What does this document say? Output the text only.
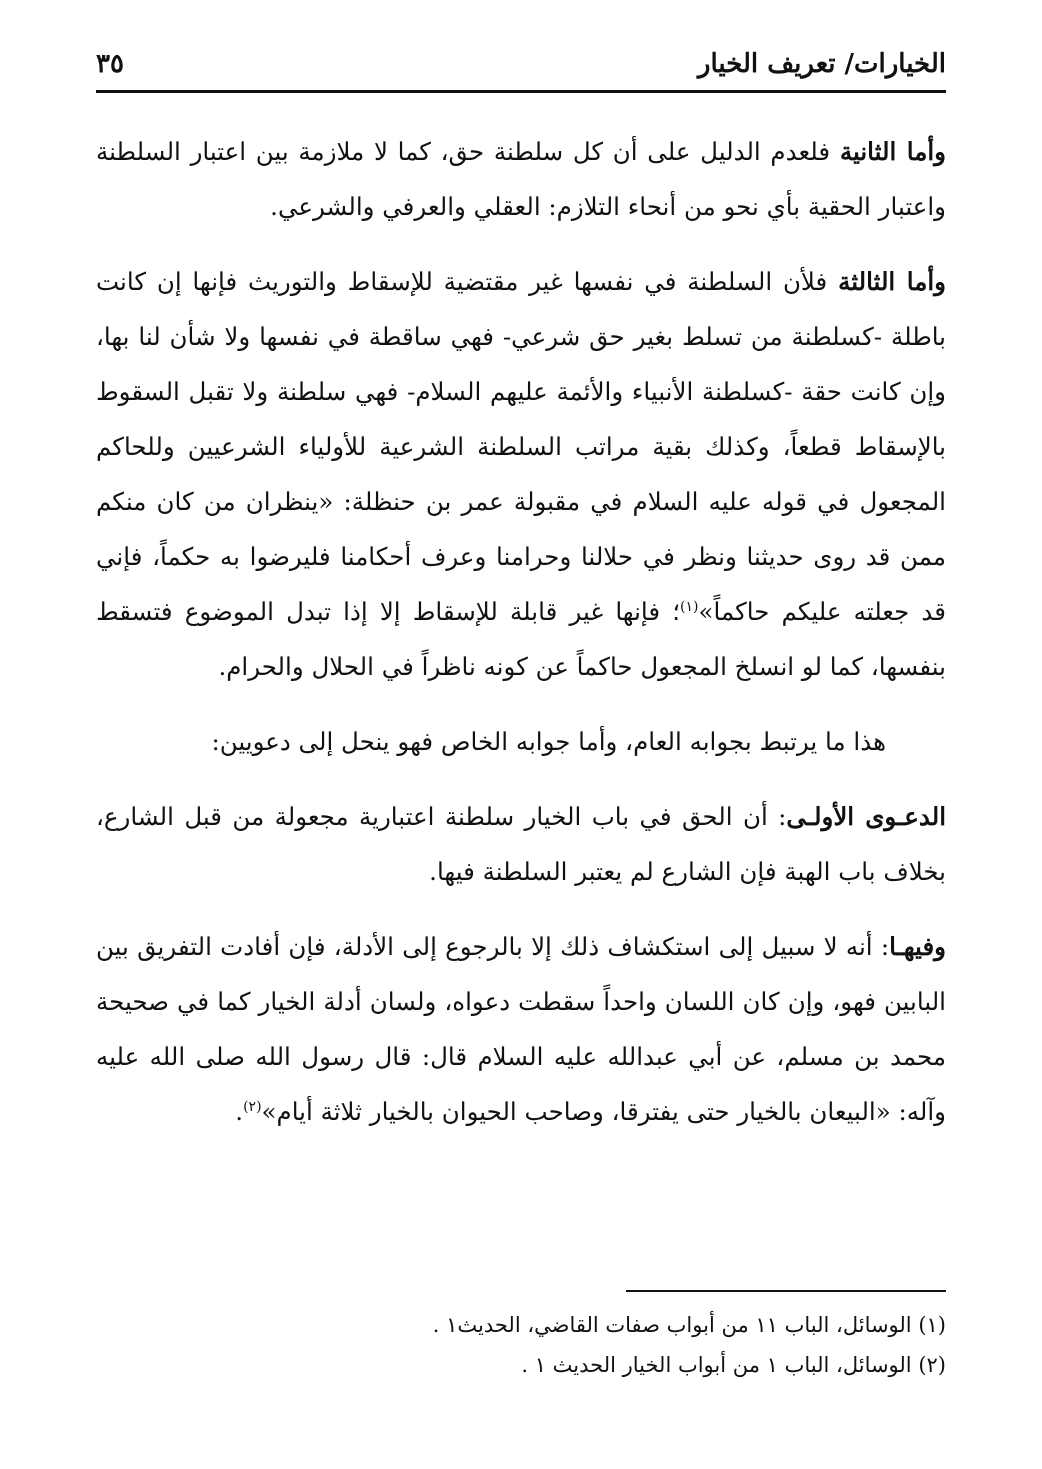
الخيارات/ تعريف الخيار
٣٥

وأما الثانية فلعدم الدليل على أن كل سلطنة حق، كما لا ملازمة بين اعتبار السلطنة واعتبار الحقية بأي نحو من أنحاء التلازم: العقلي والعرفي والشرعي.

وأما الثالثة فلأن السلطنة في نفسها غير مقتضية للإسقاط والتوريث فإنها إن كانت باطلة -كسلطنة من تسلط بغير حق شرعي- فهي ساقطة في نفسها ولا شأن لنا بها، وإن كانت حقة -كسلطنة الأنبياء والأئمة عليهم السلام- فهي سلطنة ولا تقبل السقوط بالإسقاط قطعاً، وكذلك بقية مراتب السلطنة الشرعية للأولياء الشرعيين وللحاكم المجعول في قوله عليه السلام في مقبولة عمر بن حنظلة: «ينظران من كان منكم ممن قد روى حديثنا ونظر في حلالنا وحرامنا وعرف أحكامنا فليرضوا به حكماً، فإني قد جعلته عليكم حاكماً»$^{(١)}$؛ فإنها غير قابلة للإسقاط إلا إذا تبدل الموضوع فتسقط بنفسها، كما لو انسلخ المجعول حاكماً عن كونه ناظراً في الحلال والحرام.

هذا ما يرتبط بجوابه العام، وأما جوابه الخاص فهو ينحل إلى دعويين:

الدعـوى الأولـى: أن الحق في باب الخيار سلطنة اعتبارية مجعولة من قبل الشارع، بخلاف باب الهبة فإن الشارع لم يعتبر السلطنة فيها.

وفيهـا: أنه لا سبيل إلى استكشاف ذلك إلا بالرجوع إلى الأدلة، فإن أفادت التفريق بين البابين فهو، وإن كان اللسان واحداً سقطت دعواه، ولسان أدلة الخيار كما في صحيحة محمد بن مسلم، عن أبي عبدالله عليه السلام قال: قال رسول الله صلى الله عليه وآله: «البيعان بالخيار حتى يفترقا، وصاحب الحيوان بالخيار ثلاثة أيام»$^{(٢)}$.

(١) الوسائل، الباب ١١ من أبواب صفات القاضي، الحديث١ .

(٢) الوسائل، الباب ١ من أبواب الخيار الحديث ١ .
